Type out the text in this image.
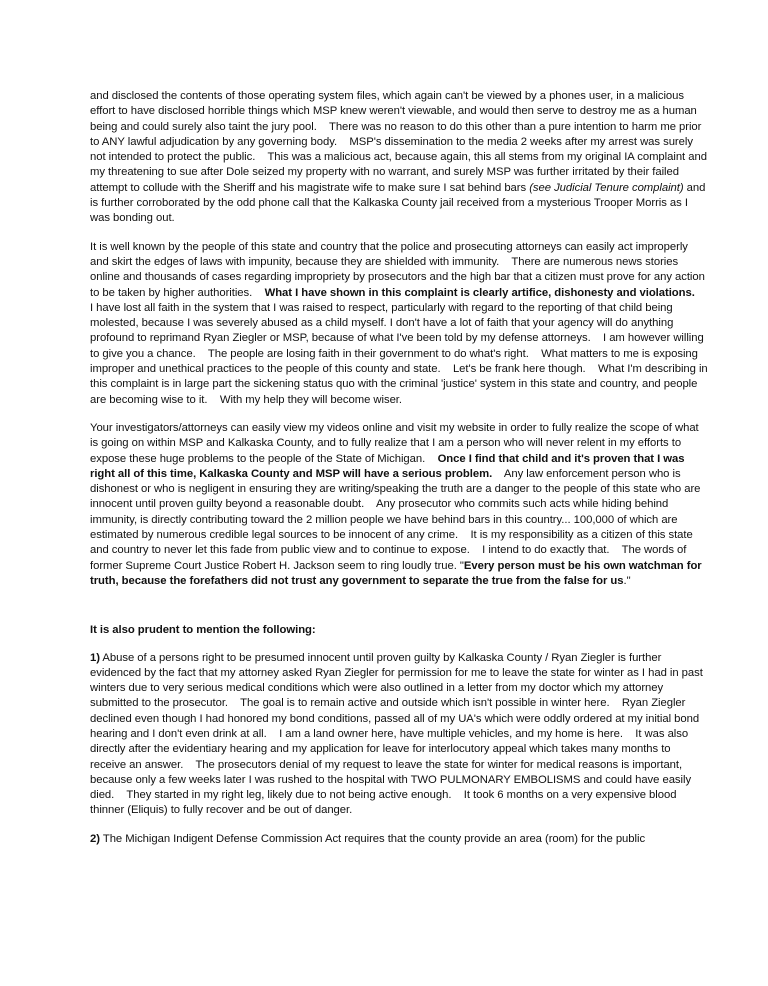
and disclosed the contents of those operating system files, which again can't be viewed by a phones user, in a malicious effort to have disclosed horrible things which MSP knew weren't viewable, and would then serve to destroy me as a human being and could surely also taint the jury pool.    There was no reason to do this other than a pure intention to harm me prior to ANY lawful adjudication by any governing body.    MSP's dissemination to the media 2 weeks after my arrest was surely not intended to protect the public.    This was a malicious act, because again, this all stems from my original IA complaint and my threatening to sue after Dole seized my property with no warrant, and surely MSP was further irritated by their failed attempt to collude with the Sheriff and his magistrate wife to make sure I sat behind bars (see Judicial Tenure complaint) and is further corroborated by the odd phone call that the Kalkaska County jail received from a mysterious Trooper Morris as I was bonding out.

It is well known by the people of this state and country that the police and prosecuting attorneys can easily act improperly and skirt the edges of laws with impunity, because they are shielded with immunity.    There are numerous news stories online and thousands of cases regarding impropriety by prosecutors and the high bar that a citizen must prove for any action to be taken by higher authorities.    What I have shown in this complaint is clearly artifice, dishonesty and violations.    I have lost all faith in the system that I was raised to respect, particularly with regard to the reporting of that child being molested, because I was severely abused as a child myself. I don't have a lot of faith that your agency will do anything profound to reprimand Ryan Ziegler or MSP, because of what I've been told by my defense attorneys.    I am however willing to give you a chance.    The people are losing faith in their government to do what's right.    What matters to me is exposing improper and unethical practices to the people of this county and state.    Let's be frank here though.    What I'm describing in this complaint is in large part the sickening status quo with the criminal 'justice' system in this state and country, and people are becoming wise to it.    With my help they will become wiser.

Your investigators/attorneys can easily view my videos online and visit my website in order to fully realize the scope of what is going on within MSP and Kalkaska County, and to fully realize that I am a person who will never relent in my efforts to expose these huge problems to the people of the State of Michigan.    Once I find that child and it's proven that I was right all of this time, Kalkaska County and MSP will have a serious problem.    Any law enforcement person who is dishonest or who is negligent in ensuring they are writing/speaking the truth are a danger to the people of this state who are innocent until proven guilty beyond a reasonable doubt.    Any prosecutor who commits such acts while hiding behind immunity, is directly contributing toward the 2 million people we have behind bars in this country... 100,000 of which are estimated by numerous credible legal sources to be innocent of any crime.    It is my responsibility as a citizen of this state and country to never let this fade from public view and to continue to expose.    I intend to do exactly that.    The words of former Supreme Court Justice Robert H. Jackson seem to ring loudly true. "Every person must be his own watchman for truth, because the forefathers did not trust any government to separate the true from the false for us."

It is also prudent to mention the following:

1) Abuse of a persons right to be presumed innocent until proven guilty by Kalkaska County / Ryan Ziegler is further evidenced by the fact that my attorney asked Ryan Ziegler for permission for me to leave the state for winter as I had in past winters due to very serious medical conditions which were also outlined in a letter from my doctor which my attorney submitted to the prosecutor.    The goal is to remain active and outside which isn't possible in winter here.    Ryan Ziegler declined even though I had honored my bond conditions, passed all of my UA's which were oddly ordered at my initial bond hearing and I don't even drink at all.    I am a land owner here, have multiple vehicles, and my home is here.    It was also directly after the evidentiary hearing and my application for leave for interlocutory appeal which takes many months to receive an answer.    The prosecutors denial of my request to leave the state for winter for medical reasons is important, because only a few weeks later I was rushed to the hospital with TWO PULMONARY EMBOLISMS and could have easily died.    They started in my right leg, likely due to not being active enough.    It took 6 months on a very expensive blood thinner (Eliquis) to fully recover and be out of danger.

2) The Michigan Indigent Defense Commission Act requires that the county provide an area (room) for the public
